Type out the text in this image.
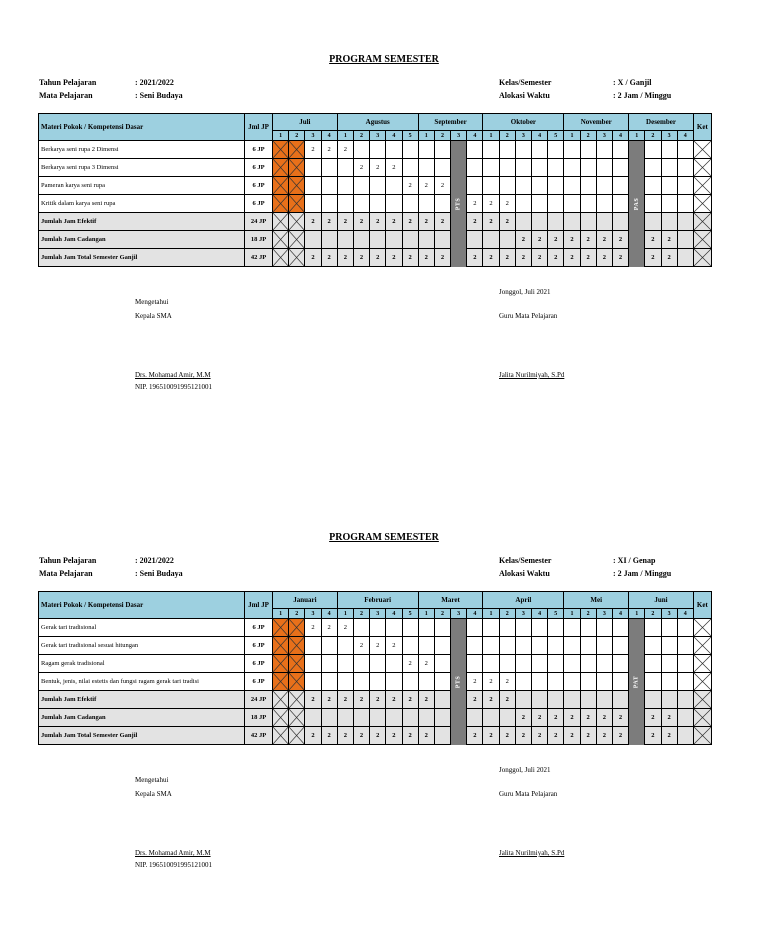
PROGRAM SEMESTER
Tahun Pelajaran	: 2021/2022
Mata Pelajaran	: Seni Budaya
Kelas/Semester	: X / Ganjil
Alokasi Waktu	: 2 Jam / Minggu
Materi Pokok / Kompetensi Dasar	Jml JP	Juli				Agustus					September				Oktober					November				Desember				Ket
		1	2	3	4	1	2	3	4	5	1	2	3	4	1	2	3	4	5	1	2	3	4	1	2	3	4	
Berkarya seni rupa 2 Dimensi	6 JP			2	2	2							PTS											PAS				

Berkarya seni rupa 3 Dimensi	6 JP						2	2	2																	

Pameran karya seni rupa	6 JP									2	2	2														

Kritik dalam karya seni rupa	6 JP													2	2	2											

Jumlah Jam Efektif	24 JP			2	2	2	2	2	2	2	2	2		2	2	2											

Jumlah Jam Cadangan	18 JP																2	2	2	2	2	2	2		2	2		

Jumlah Jam Total Semester Ganjil	42 JP			2	2	2	2	2	2	2	2	2		2	2	2	2	2	2	2	2	2	2		2	2		
Mengetahui
Kepala SMA
Jonggol, Juli 2021
Guru Mata Pelajaran
Drs. Mohamad Amir, M.M
NIP. 196510091995121001
Jalita Nurilmiyah, S.Pd
PROGRAM SEMESTER
Tahun Pelajaran	: 2021/2022
Mata Pelajaran	: Seni Budaya
Kelas/Semester	: XI / Genap
Alokasi Waktu	: 2 Jam / Minggu
Materi Pokok / Kompetensi Dasar	Jml JP	Januari				Februari					Maret				April					Mei				Juni				Ket
		1	2	3	4	1	2	3	4	5	1	2	3	4	1	2	3	4	5	1	2	3	4	1	2	3	4	
Gerak tari tradisional	6 JP			2	2	2							PTS											PAT				

Gerak tari tradisional sesuai hitungan	6 JP						2	2	2																	

Ragam gerak tradisional	6 JP									2	2															

Bentuk, jenis, nilai estetis dan fungsi ragam gerak tari tradisi	6 JP													2	2	2											

Jumlah Jam Efektif	24 JP			2	2	2	2	2	2	2	2			2	2	2											

Jumlah Jam Cadangan	18 JP																2	2	2	2	2	2	2		2	2		

Jumlah Jam Total Semester Ganjil	42 JP			2	2	2	2	2	2	2	2			2	2	2	2	2	2	2	2	2	2		2	2		
Mengetahui
Kepala SMA
Jonggol, Juli 2021
Guru Mata Pelajaran
Drs. Mohamad Amir, M.M
NIP. 196510091995121001
Jalita Nurilmiyah, S.Pd
